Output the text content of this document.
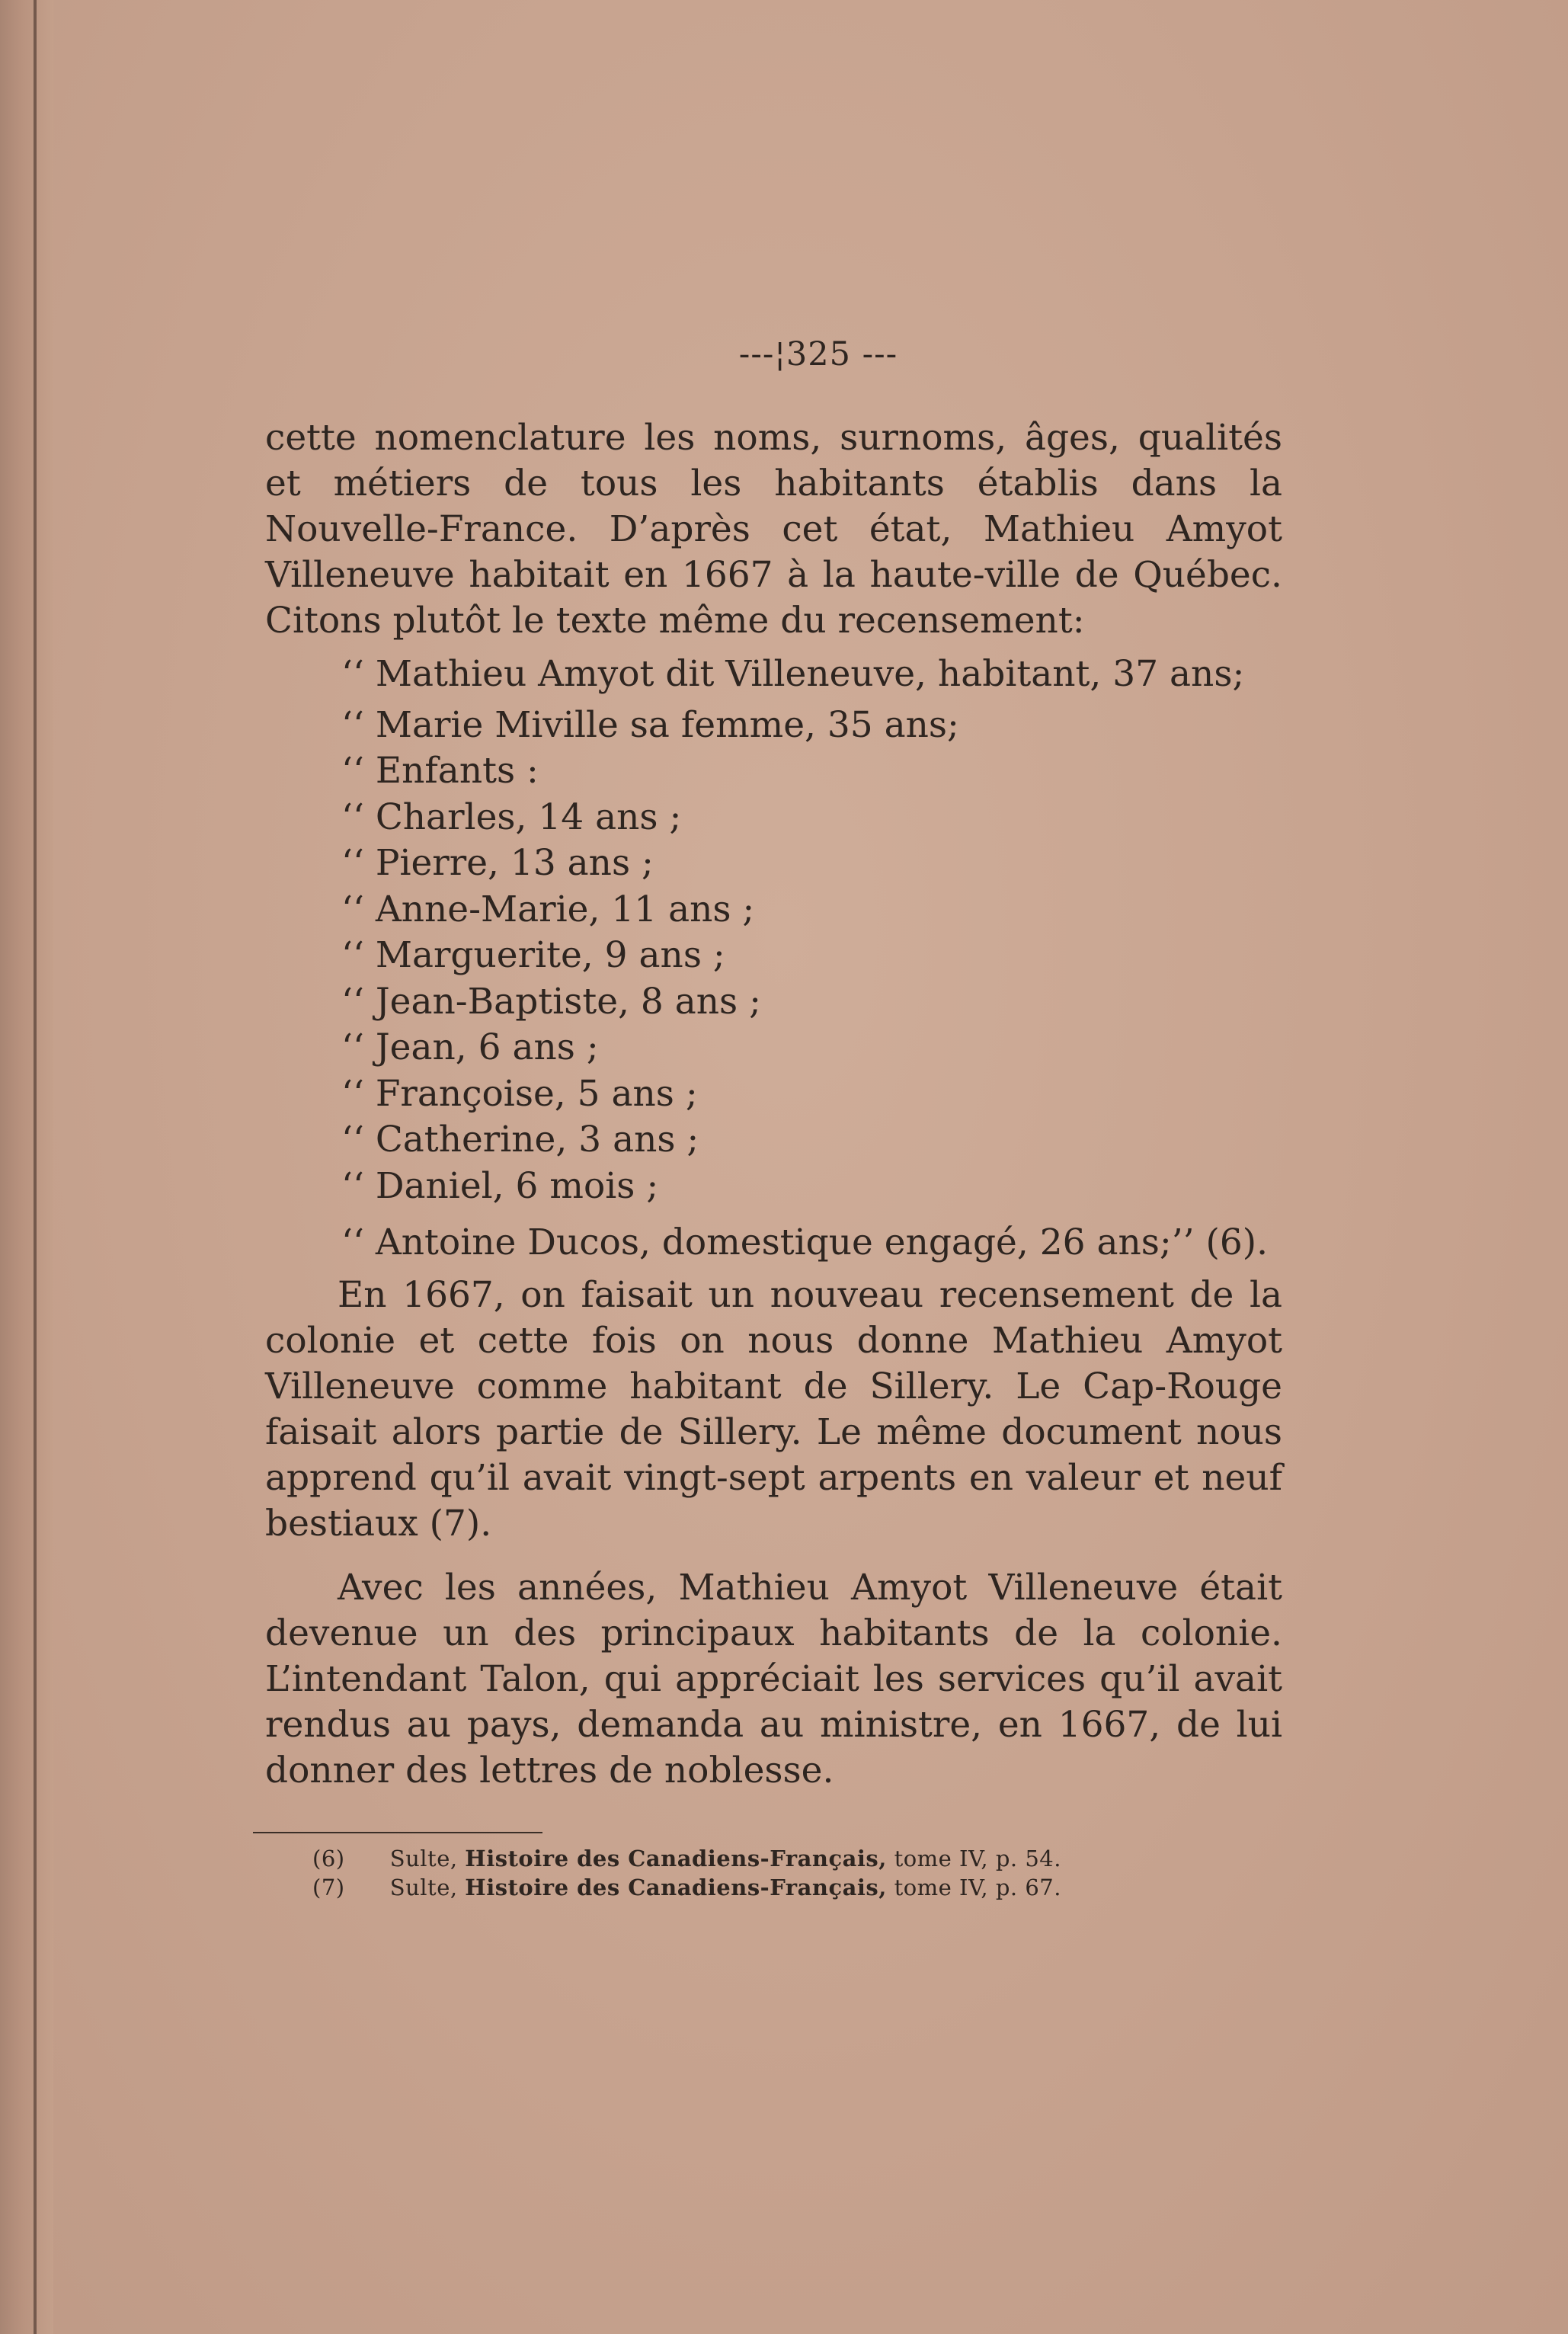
---¦325 ---

cette nomenclature les noms, surnoms, âges, qualités et métiers de tous les habitants établis dans la Nouvelle-France. D’après cet état, Mathieu Amyot Villeneuve habitait en 1667 à la haute-ville de Québec. Citons plutôt le texte même du recensement:

‘‘ Mathieu Amyot dit Villeneuve, habitant, 37 ans;
‘‘ Marie Miville sa femme, 35 ans;
‘‘ Enfants :
‘‘ Charles, 14 ans ;
‘‘ Pierre, 13 ans ;
‘‘ Anne-Marie, 11 ans ;
‘‘ Marguerite, 9 ans ;
‘‘ Jean-Baptiste, 8 ans ;
‘‘ Jean, 6 ans ;
‘‘ Françoise, 5 ans ;
‘‘ Catherine, 3 ans ;
‘‘ Daniel, 6 mois ;
‘‘ Antoine Ducos, domestique engagé, 26 ans;’’ (6).

En 1667, on faisait un nouveau recensement de la colonie et cette fois on nous donne Mathieu Amyot Villeneuve comme habitant de Sillery. Le Cap-Rouge faisait alors partie de Sillery. Le même document nous apprend qu’il avait vingt-sept arpents en valeur et neuf bestiaux (7).

Avec les années, Mathieu Amyot Villeneuve était devenue un des principaux habitants de la colonie. L’intendant Talon, qui appréciait les services qu’il avait rendus au pays, demanda au ministre, en 1667, de lui donner des lettres de noblesse.

(6) Sulte, Histoire des Canadiens-Français, tome IV, p. 54.

(7) Sulte, Histoire des Canadiens-Français, tome IV, p. 67.
